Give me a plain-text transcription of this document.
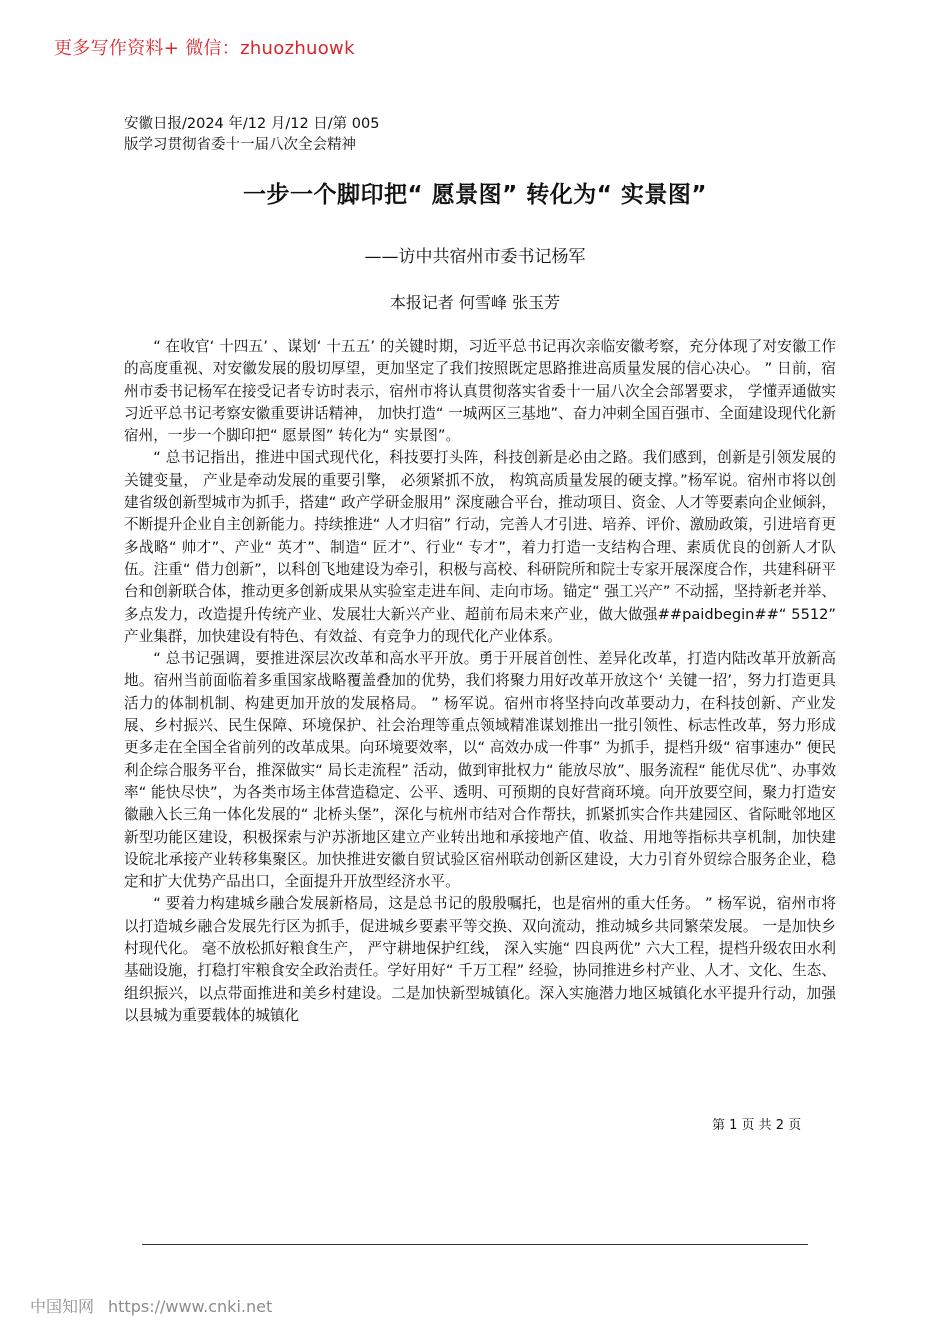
更多写作资料+ 微信：zhuozhuowk
安徽日报/2024 年/12 月/12 日/第 005
版学习贯彻省委十一届八次全会精神
一步一个脚印把“ 愿景图” 转化为“ 实景图”
——访中共宿州市委书记杨军
本报记者 何雪峰 张玉芳

“ 在收官‘ 十四五’ 、谋划‘ 十五五’ 的关键时期，习近平总书记再次亲临安徽考察，充分体现了对安徽工作的高度重视、对安徽发展的殷切厚望，更加坚定了我们按照既定思路推进高质量发展的信心决心。 ” 日前，宿州市委书记杨军在接受记者专访时表示，宿州市将认真贯彻落实省委十一届八次全会部署要求， 学懂弄通做实习近平总书记考察安徽重要讲话精神， 加快打造“ 一城两区三基地”、奋力冲刺全国百强市、全面建设现代化新宿州，一步一个脚印把“ 愿景图” 转化为“ 实景图”。

“ 总书记指出，推进中国式现代化，科技要打头阵，科技创新是必由之路。我们感到，创新是引领发展的关键变量， 产业是牵动发展的重要引擎， 必须紧抓不放， 构筑高质量发展的硬支撑。”杨军说。宿州市将以创建省级创新型城市为抓手，搭建“ 政产学研金服用” 深度融合平台，推动项目、资金、人才等要素向企业倾斜，不断提升企业自主创新能力。持续推进“ 人才归宿” 行动，完善人才引进、培养、评价、激励政策，引进培育更多战略“ 帅才”、产业“ 英才”、制造“ 匠才”、行业“ 专才”，着力打造一支结构合理、素质优良的创新人才队伍。注重“ 借力创新”，以科创飞地建设为牵引，积极与高校、科研院所和院士专家开展深度合作，共建科研平台和创新联合体，推动更多创新成果从实验室走进车间、走向市场。锚定“ 强工兴产” 不动摇，坚持新老并举、多点发力，改造提升传统产业、发展壮大新兴产业、超前布局未来产业，做大做强##paidbegin##“ 5512” 产业集群，加快建设有特色、有效益、有竞争力的现代化产业体系。

“ 总书记强调，要推进深层次改革和高水平开放。勇于开展首创性、差异化改革，打造内陆改革开放新高地。宿州当前面临着多重国家战略覆盖叠加的优势，我们将聚力用好改革开放这个‘ 关键一招’，努力打造更具活力的体制机制、构建更加开放的发展格局。 ” 杨军说。宿州市将坚持向改革要动力，在科技创新、产业发展、乡村振兴、民生保障、环境保护、社会治理等重点领域精准谋划推出一批引领性、标志性改革，努力形成更多走在全国全省前列的改革成果。向环境要效率，以“ 高效办成一件事” 为抓手，提档升级“ 宿事速办” 便民利企综合服务平台，推深做实“ 局长走流程” 活动，做到审批权力“ 能放尽放”、服务流程“ 能优尽优”、办事效率“ 能快尽快”，为各类市场主体营造稳定、公平、透明、可预期的良好营商环境。向开放要空间，聚力打造安徽融入长三角一体化发展的“ 北桥头堡”，深化与杭州市结对合作帮扶，抓紧抓实合作共建园区、省际毗邻地区新型功能区建设，积极探索与沪苏浙地区建立产业转出地和承接地产值、收益、用地等指标共享机制，加快建设皖北承接产业转移集聚区。加快推进安徽自贸试验区宿州联动创新区建设，大力引育外贸综合服务企业，稳定和扩大优势产品出口，全面提升开放型经济水平。

“ 要着力构建城乡融合发展新格局，这是总书记的殷殷嘱托，也是宿州的重大任务。 ” 杨军说，宿州市将以打造城乡融合发展先行区为抓手，促进城乡要素平等交换、双向流动，推动城乡共同繁荣发展。 一是加快乡村现代化。 毫不放松抓好粮食生产， 严守耕地保护红线， 深入实施“ 四良两优” 六大工程，提档升级农田水利基础设施，打稳打牢粮食安全政治责任。学好用好“ 千万工程” 经验，协同推进乡村产业、人才、文化、生态、组织振兴，以点带面推进和美乡村建设。二是加快新型城镇化。深入实施潜力地区城镇化水平提升行动，加强以县城为重要载体的城镇化

第 1 页 共 2 页
中国知网 https://www.cnki.net
